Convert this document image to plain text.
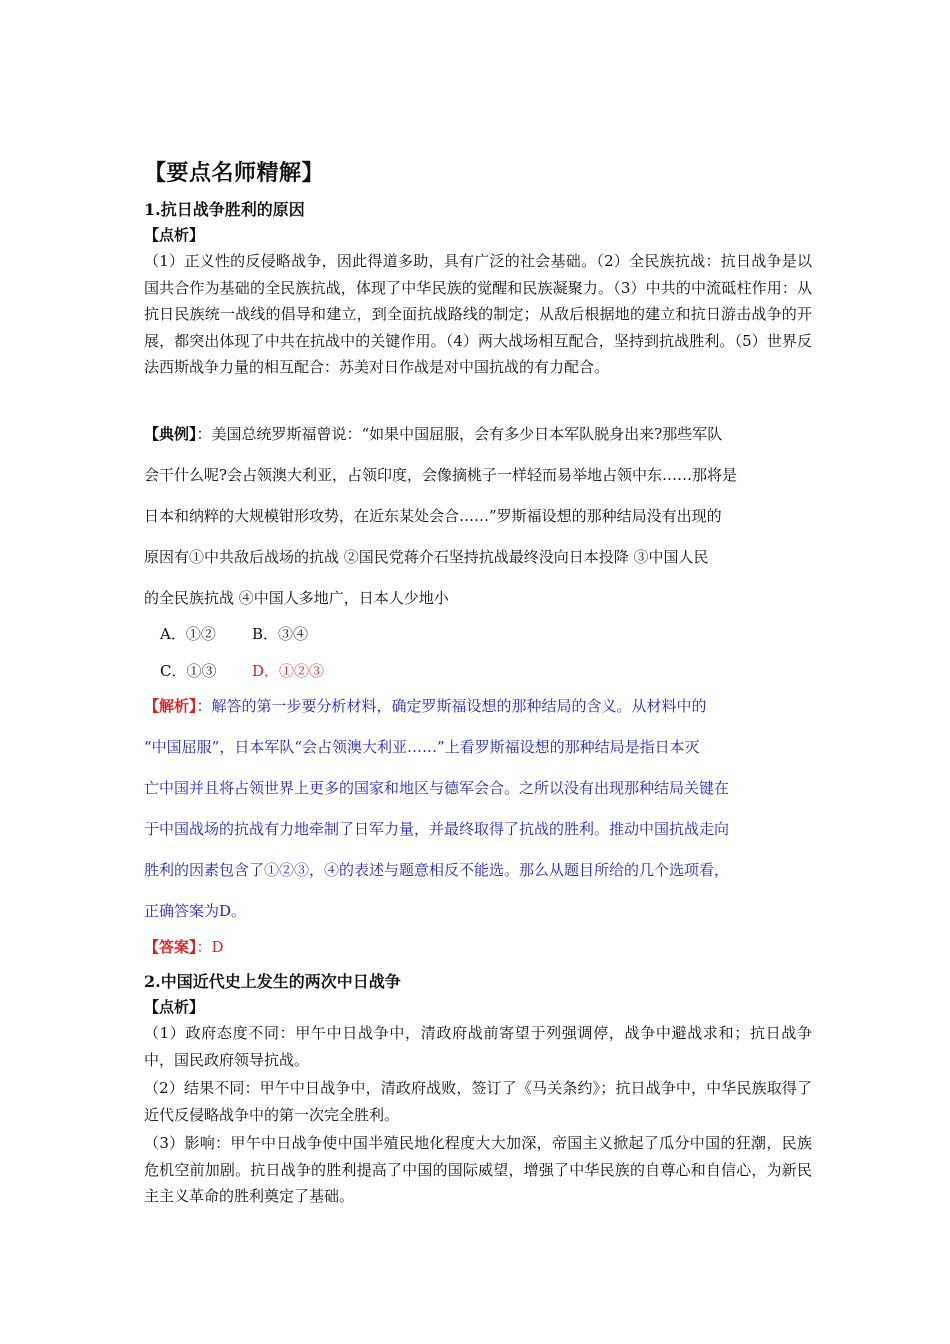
【要点名师精解】
1.抗日战争胜利的原因
【点析】
（1）正义性的反侵略战争，因此得道多助，具有广泛的社会基础。（2）全民族抗战：抗日战争是以国共合作为基础的全民族抗战，体现了中华民族的觉醒和民族凝聚力。（3）中共的中流砥柱作用：从抗日民族统一战线的倡导和建立，到全面抗战路线的制定；从敌后根据地的建立和抗日游击战争的开展，都突出体现了中共在抗战中的关键作用。（4）两大战场相互配合，坚持到抗战胜利。（5）世界反法西斯战争力量的相互配合：苏美对日作战是对中国抗战的有力配合。
【典例】：美国总统罗斯福曾说：“如果中国屈服，会有多少日本军队脱身出来?那些军队
会干什么呢?会占领澳大利亚，占领印度，会像摘桃子一样轻而易举地占领中东……那将是
日本和纳粹的大规模钳形攻势，在近东某处会合……”罗斯福设想的那种结局没有出现的
原因有①中共敌后战场的抗战 ②国民党蒋介石坚持抗战最终没向日本投降 ③中国人民
的全民族抗战 ④中国人多地广，日本人少地小
A．①②	B．③④
C．①③	D．①②③
【解析】：解答的第一步要分析材料，确定罗斯福设想的那种结局的含义。从材料中的
“中国屈服”，日本军队“会占领澳大利亚……”上看罗斯福设想的那种结局是指日本灭
亡中国并且将占领世界上更多的国家和地区与德军会合。之所以没有出现那种结局关键在
于中国战场的抗战有力地牵制了日军力量，并最终取得了抗战的胜利。推动中国抗战走向
胜利的因素包含了①②③，④的表述与题意相反不能选。那么从题目所给的几个选项看，
正确答案为D。
【答案】：D
2.中国近代史上发生的两次中日战争
【点析】
（1）政府态度不同：甲午中日战争中，清政府战前寄望于列强调停，战争中避战求和；抗日战争中，国民政府领导抗战。
（2）结果不同：甲午中日战争中，清政府战败，签订了《马关条约》；抗日战争中，中华民族取得了近代反侵略战争中的第一次完全胜利。
（3）影响：甲午中日战争使中国半殖民地化程度大大加深，帝国主义掀起了瓜分中国的狂潮，民族危机空前加剧。抗日战争的胜利提高了中国的国际威望，增强了中华民族的自尊心和自信心，为新民主主义革命的胜利奠定了基础。
